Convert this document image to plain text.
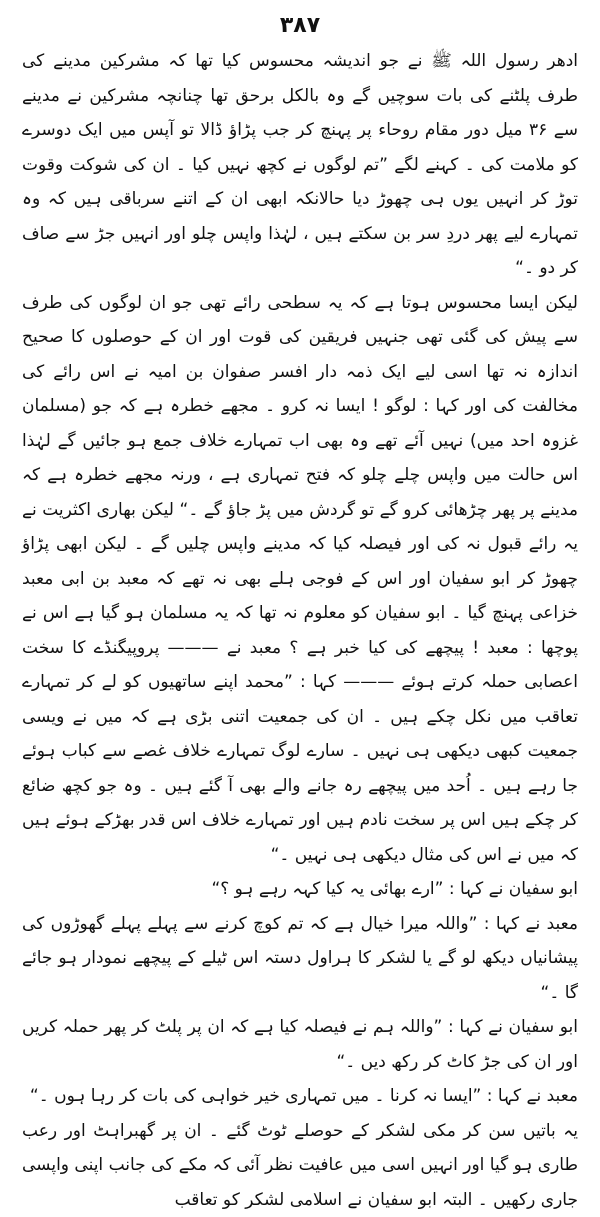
۳۸۷

ادھر رسول اللہ ﷺ نے جو اندیشہ محسوس کیا تھا کہ مشرکین مدینے کی طرف پلٹنے کی بات سوچیں گے وہ بالکل برحق تھا چنانچہ مشرکین نے مدینے سے ۳۶ میل دور مقام روحاء پر پہنچ کر جب پڑاؤ ڈالا تو آپس میں ایک دوسرے کو ملامت کی ۔ کہنے لگے ”تم لوگوں نے کچھ نہیں کیا ۔ ان کی شوکت وقوت توڑ کر انہیں یوں ہی چھوڑ دیا حالانکہ ابھی ان کے اتنے سرباقی ہیں کہ وہ تمہارے لیے پھر دردِ سر بن سکتے ہیں ، لہٰذا واپس چلو اور انہیں جڑ سے صاف کر دو ۔“

لیکن ایسا محسوس ہوتا ہے کہ یہ سطحی رائے تھی جو ان لوگوں کی طرف سے پیش کی گئی تھی جنہیں فریقین کی قوت اور ان کے حوصلوں کا صحیح اندازہ نہ تھا اسی لیے ایک ذمہ دار افسر صفوان بن امیہ نے اس رائے کی مخالفت کی اور کہا : لوگو ! ایسا نہ کرو ۔ مجھے خطرہ ہے کہ جو (مسلمان غزوہ احد میں) نہیں آئے تھے وہ بھی اب تمہارے خلاف جمع ہو جائیں گے لہٰذا اس حالت میں واپس چلے چلو کہ فتح تمہاری ہے ، ورنہ مجھے خطرہ ہے کہ مدینے پر پھر چڑھائی کرو گے تو گردش میں پڑ جاؤ گے ۔“ لیکن بھاری اکثریت نے یہ رائے قبول نہ کی اور فیصلہ کیا کہ مدینے واپس چلیں گے ۔ لیکن ابھی پڑاؤ چھوڑ کر ابو سفیان اور اس کے فوجی ہلے بھی نہ تھے کہ معبد بن ابی معبد خزاعی پہنچ گیا ۔ ابو سفیان کو معلوم نہ تھا کہ یہ مسلمان ہو گیا ہے اس نے پوچھا : معبد ! پیچھے کی کیا خبر ہے ؟ معبد نے ——— پروپیگنڈے کا سخت اعصابی حملہ کرتے ہوئے ——— کہا : ”محمد اپنے ساتھیوں کو لے کر تمہارے تعاقب میں نکل چکے ہیں ۔ ان کی جمعیت اتنی بڑی ہے کہ میں نے ویسی جمعیت کبھی دیکھی ہی نہیں ۔ سارے لوگ تمہارے خلاف غصے سے کباب ہوئے جا رہے ہیں ۔ اُحد میں پیچھے رہ جانے والے بھی آ گئے ہیں ۔ وہ جو کچھ ضائع کر چکے ہیں اس پر سخت نادم ہیں اور تمہارے خلاف اس قدر بھڑکے ہوئے ہیں کہ میں نے اس کی مثال دیکھی ہی نہیں ۔“

ابو سفیان نے کہا : ”ارے بھائی یہ کیا کہہ رہے ہو ؟“

معبد نے کہا : ”واللہ میرا خیال ہے کہ تم کوچ کرنے سے پہلے پہلے گھوڑوں کی پیشانیاں دیکھ لو گے یا لشکر کا ہراول دستہ اس ٹیلے کے پیچھے نمودار ہو جائے گا ۔“

ابو سفیان نے کہا : ”واللہ ہم نے فیصلہ کیا ہے کہ ان پر پلٹ کر پھر حملہ کریں اور ان کی جڑ کاٹ کر رکھ دیں ۔“

معبد نے کہا : ”ایسا نہ کرنا ۔ میں تمہاری خیر خواہی کی بات کر رہا ہوں ۔“

یہ باتیں سن کر مکی لشکر کے حوصلے ٹوٹ گئے ۔ ان پر گھبراہٹ اور رعب طاری ہو گیا اور انہیں اسی میں عافیت نظر آئی کہ مکے کی جانب اپنی واپسی جاری رکھیں ۔ البتہ ابو سفیان نے اسلامی لشکر کو تعاقب
